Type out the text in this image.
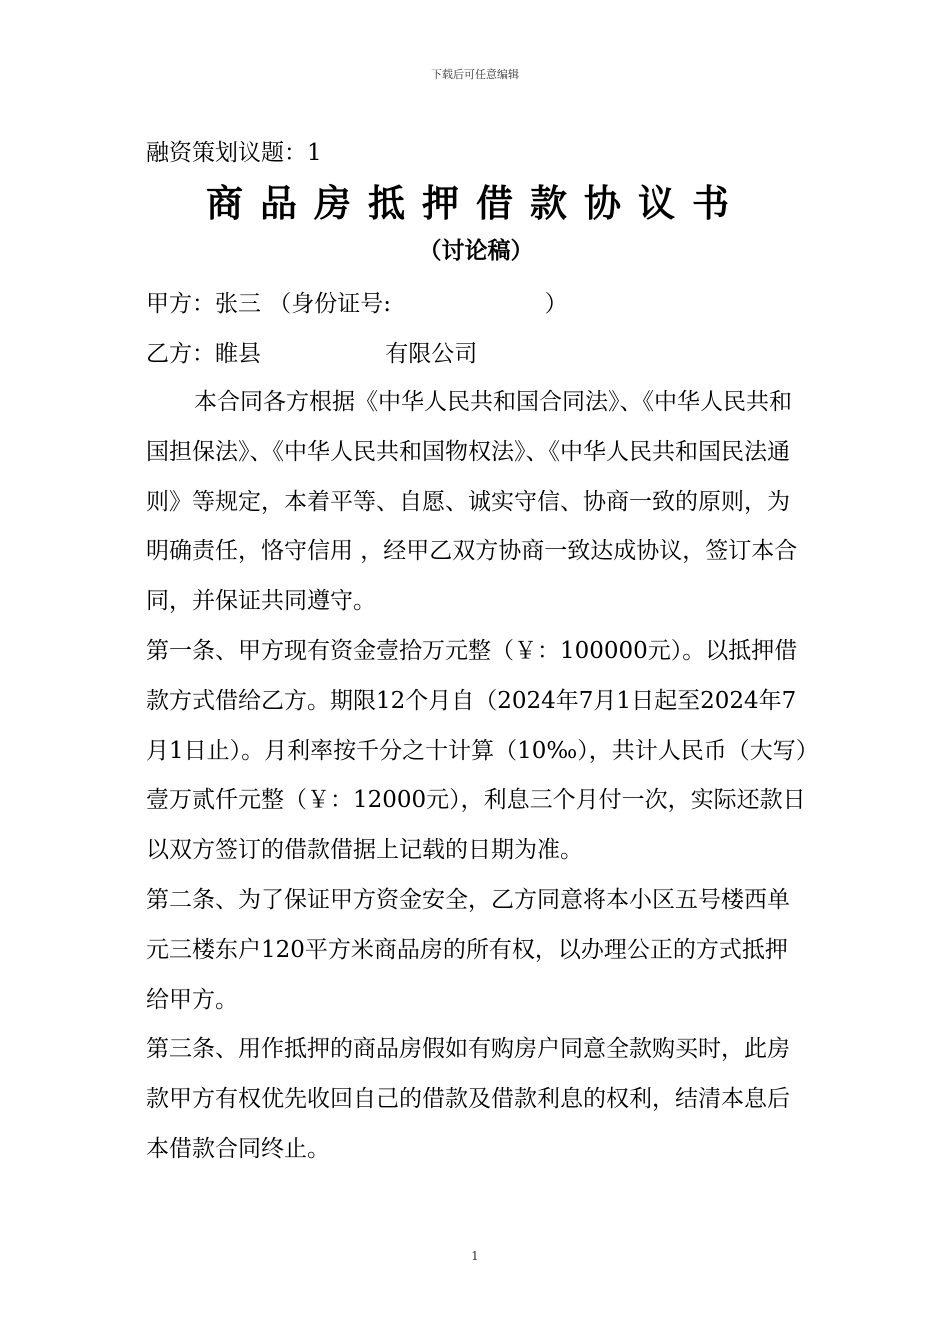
下载后可任意编辑
融资策划议题：1
商品房抵押借款协议书
（讨论稿）
甲方：张三 （身份证号:                     ）
乙方：睢县                 有限公司

本合同各方根据《中华人民共和国合同法》、《中华人民共和国担保法》、《中华人民共和国物权法》、《中华人民共和国民法通则》等规定，本着平等、自愿、诚实守信、协商一致的原则，为明确责任，恪守信用 ，经甲乙双方协商一致达成协议，签订本合同，并保证共同遵守。

第一条、甲方现有资金壹拾万元整（￥：100000元）。以抵押借款方式借给乙方。期限12个月自（2024年7月1日起至2024年7月1日止）。月利率按千分之十计算（10‰），共计人民币（大写）壹万贰仟元整（￥：12000元），利息三个月付一次，实际还款日以双方签订的借款借据上记载的日期为准。

第二条、为了保证甲方资金安全，乙方同意将本小区五号楼西单元三楼东户120平方米商品房的所有权，以办理公正的方式抵押给甲方。

第三条、用作抵押的商品房假如有购房户同意全款购买时，此房款甲方有权优先收回自己的借款及借款利息的权利，结清本息后本借款合同终止。

1
